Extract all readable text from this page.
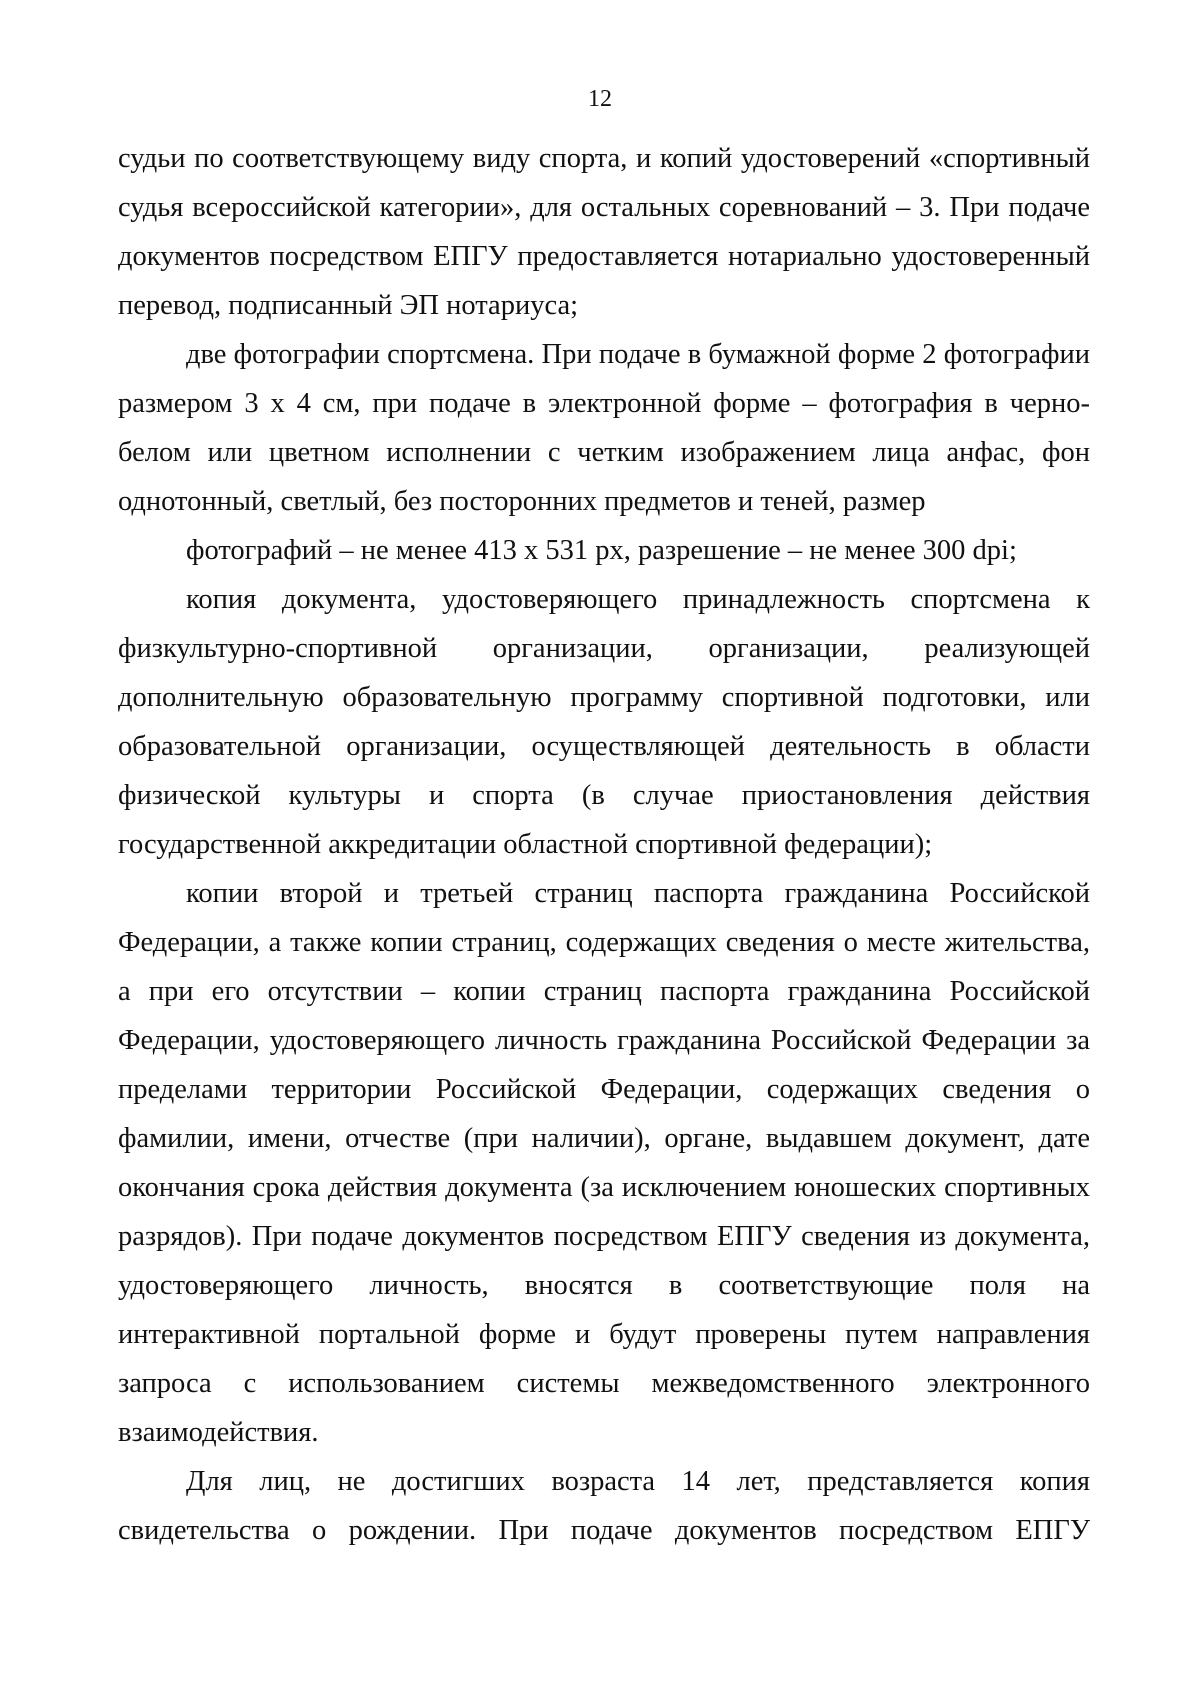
12

судьи по соответствующему виду спорта, и копий удостоверений «спортивный судья всероссийской категории», для остальных соревнований – 3. При подаче документов посредством ЕПГУ предоставляется нотариально удостоверенный перевод, подписанный ЭП нотариуса;

две фотографии спортсмена. При подаче в бумажной форме 2 фотографии размером 3 x 4 см, при подаче в электронной форме – фотография в черно-белом или цветном исполнении с четким изображением лица анфас, фон однотонный, светлый, без посторонних предметов и теней, размер

фотографий – не менее 413 x 531 px, разрешение – не менее 300 dpi;

копия документа, удостоверяющего принадлежность спортсмена к физкультурно-спортивной организации, организации, реализующей дополнительную образовательную программу спортивной подготовки, или образовательной организации, осуществляющей деятельность в области физической культуры и спорта (в случае приостановления действия государственной аккредитации областной спортивной федерации);

копии второй и третьей страниц паспорта гражданина Российской Федерации, а также копии страниц, содержащих сведения о месте жительства, а при его отсутствии – копии страниц паспорта гражданина Российской Федерации, удостоверяющего личность гражданина Российской Федерации за пределами территории Российской Федерации, содержащих сведения о фамилии, имени, отчестве (при наличии), органе, выдавшем документ, дате окончания срока действия документа (за исключением юношеских спортивных разрядов). При подаче документов посредством ЕПГУ сведения из документа, удостоверяющего личность, вносятся в соответствующие поля на интерактивной портальной форме и будут проверены путем направления запроса с использованием системы межведомственного электронного взаимодействия.

Для лиц, не достигших возраста 14 лет, представляется копия свидетельства о рождении. При подаче документов посредством ЕПГУ
